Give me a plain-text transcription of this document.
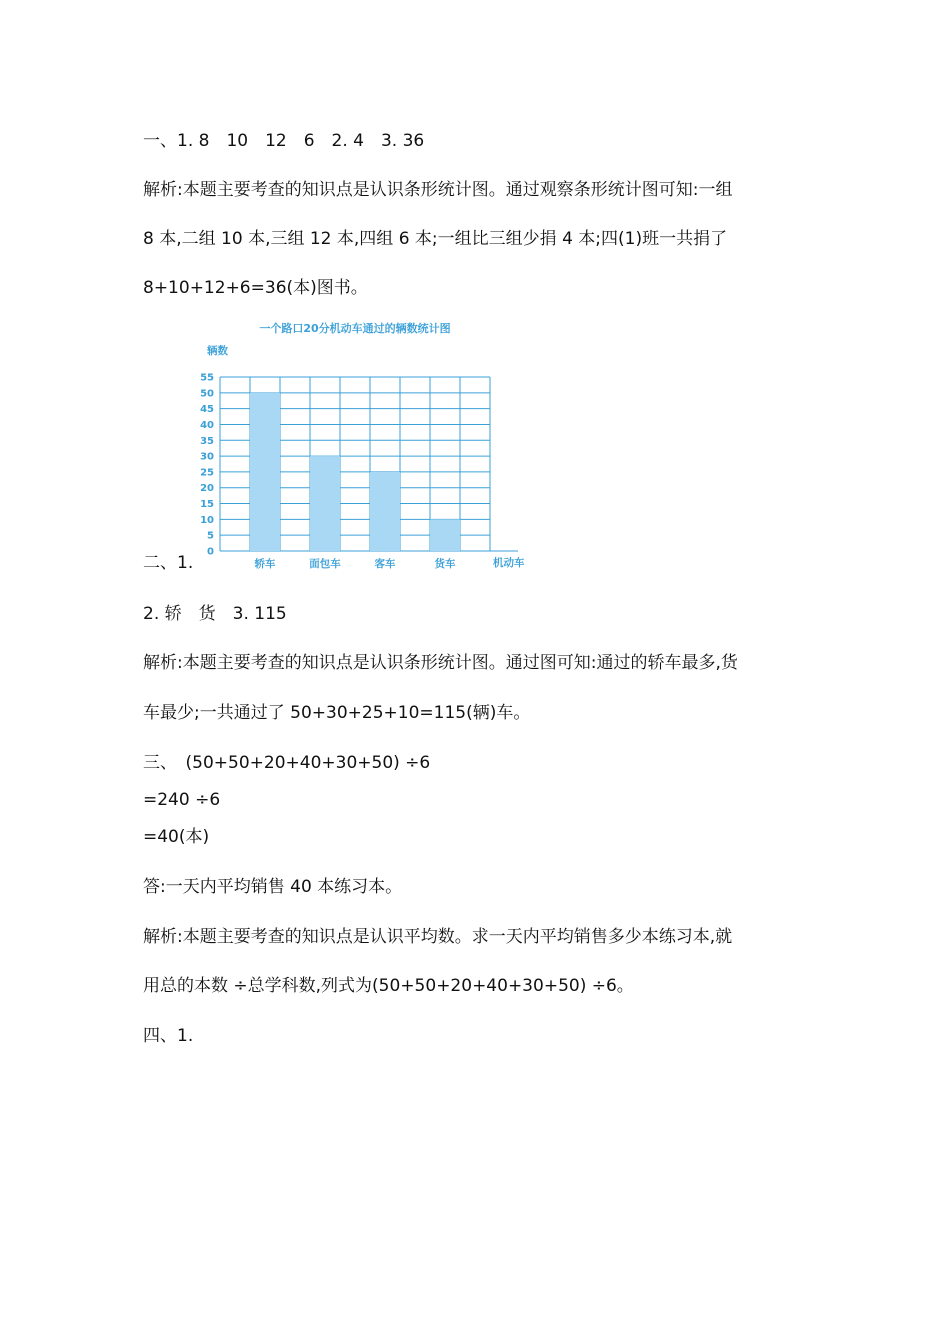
一、1. 8　10　12　6　2. 4　3. 36
解析:本题主要考查的知识点是认识条形统计图。通过观察条形统计图可知:一组
8 本,二组 10 本,三组 12 本,四组 6 本;一组比三组少捐 4 本;四(1)班一共捐了
8+10+12+6=36(本)图书。
一个路口20分机动车通过的辆数统计图
辆数
0
5
10
15
20
25
30
35
40
45
50
55
轿车	面包车	客车	货车	机动车
二、1.
2. 轿　货　3. 115
解析:本题主要考查的知识点是认识条形统计图。通过图可知:通过的轿车最多,货
车最少;一共通过了 50+30+25+10=115(辆)车。
三、　(50+50+20+40+30+50) ÷6
=240 ÷6
=40(本)
答:一天内平均销售 40 本练习本。
解析:本题主要考查的知识点是认识平均数。求一天内平均销售多少本练习本,就
用总的本数 ÷总学科数,列式为(50+50+20+40+30+50) ÷6。
四、1.
